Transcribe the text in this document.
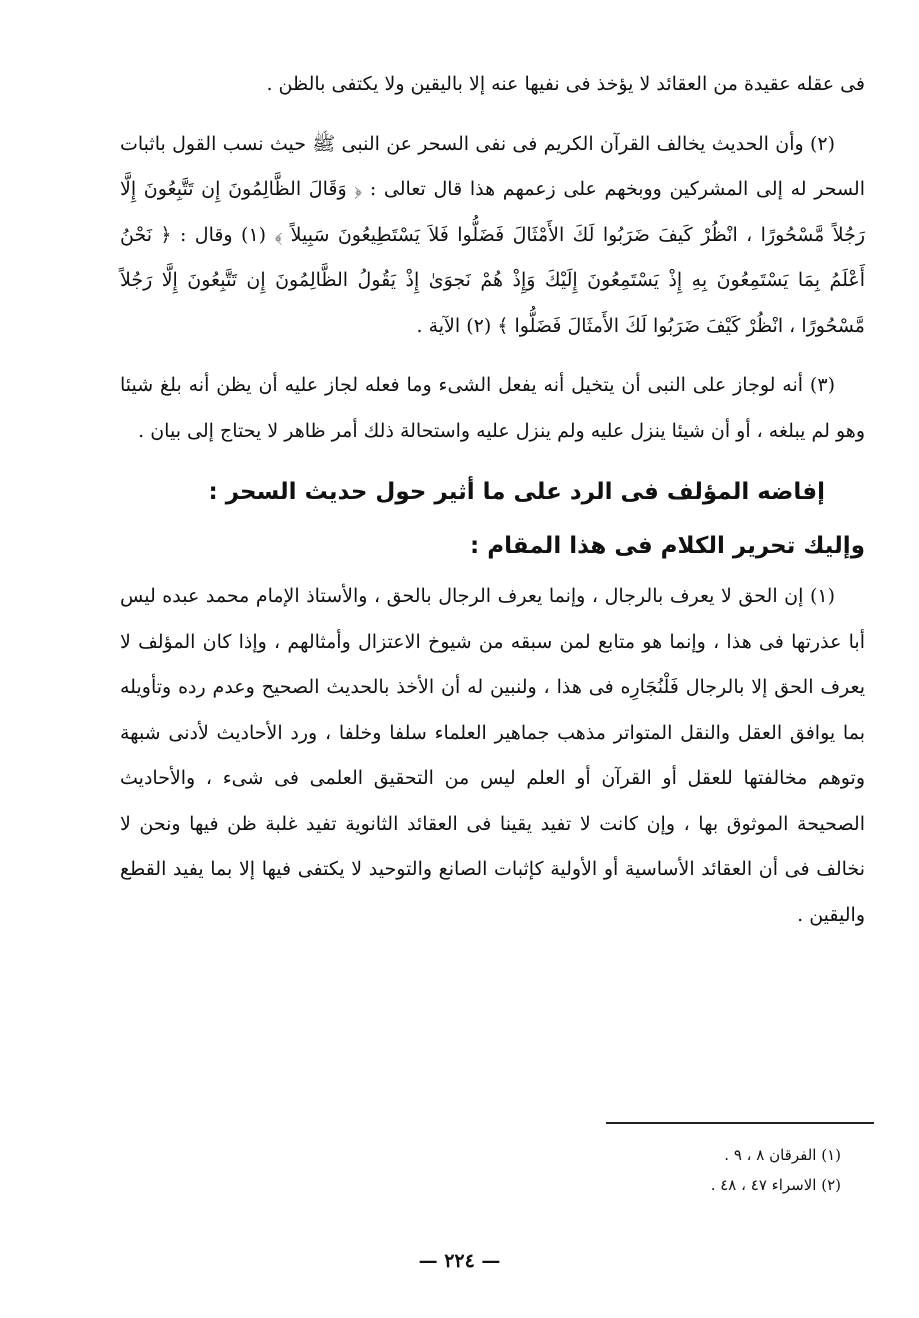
فى عقله عقيدة من العقائد لا يؤخذ فى نفيها عنه إلا باليقين ولا يكتفى بالظن .

(٢) وأن الحديث يخالف القرآن الكريم فى نفى السحر عن النبى ﷺ حيث نسب القول باثبات السحر له إلى المشركين ووبخهم على زعمهم هذا قال تعالى : ﴿ وَقَالَ الظَّالِمُونَ إِن تَتَّبِعُونَ إِلَّا رَجُلاً مَّسْحُورًا ، انْظُرْ كَيفَ ضَرَبُوا لَكَ الأَمْثَالَ فَضَلُّوا فَلاَ يَسْتَطِيعُونَ سَبِيلاً ﴾ (١) وقال : ﴿ نَحْنُ أَعْلَمُ بِمَا يَسْتَمِعُونَ بِهِ إِذْ يَسْتَمِعُونَ إِلَيْكَ وَإِذْ هُمْ نَجوَىٰ إِذْ يَقُولُ الظَّالِمُونَ إِن تَتَّبِعُونَ إِلَّا رَجُلاً مَّسْحُورًا ، انْظُرْ كَيْفَ ضَرَبُوا لَكَ الأَمثَالَ فَضَلُّوا ﴾ (٢) الآية .

(٣) أنه لوجاز على النبى أن يتخيل أنه يفعل الشىء وما فعله لجاز عليه أن يظن أنه بلغ شيئا وهو لم يبلغه ، أو أن شيئا ينزل عليه ولم ينزل عليه واستحالة ذلك أمر ظاهر لا يحتاج إلى بيان .

إفاضه المؤلف فى الرد على ما أثير حول حديث السحر :
وإليك تحرير الكلام فى هذا المقام :

(١) إن الحق لا يعرف بالرجال ، وإنما يعرف الرجال بالحق ، والأستاذ الإمام محمد عبده ليس أبا عذرتها فى هذا ، وإنما هو متابع لمن سبقه من شيوخ الاعتزال وأمثالهم ، وإذا كان المؤلف لا يعرف الحق إلا بالرجال فَلْنُجَارِه فى هذا ، ولنبين له أن الأخذ بالحديث الصحيح وعدم رده وتأويله بما يوافق العقل والنقل المتواتر مذهب جماهير العلماء سلفا وخلفا ، ورد الأحاديث لأدنى شبهة وتوهم مخالفتها للعقل أو القرآن أو العلم ليس من التحقيق العلمى فى شىء ، والأحاديث الصحيحة الموثوق بها ، وإن كانت لا تفيد يقينا فى العقائد الثانوية تفيد غلبة ظن فيها ونحن لا نخالف فى أن العقائد الأساسية أو الأولية كإثبات الصانع والتوحيد لا يكتفى فيها إلا بما يفيد القطع واليقين .

(١) الفرقان ٨ ، ٩ .
(٢) الاسراء ٤٧ ، ٤٨ .
— ٢٢٤ —
